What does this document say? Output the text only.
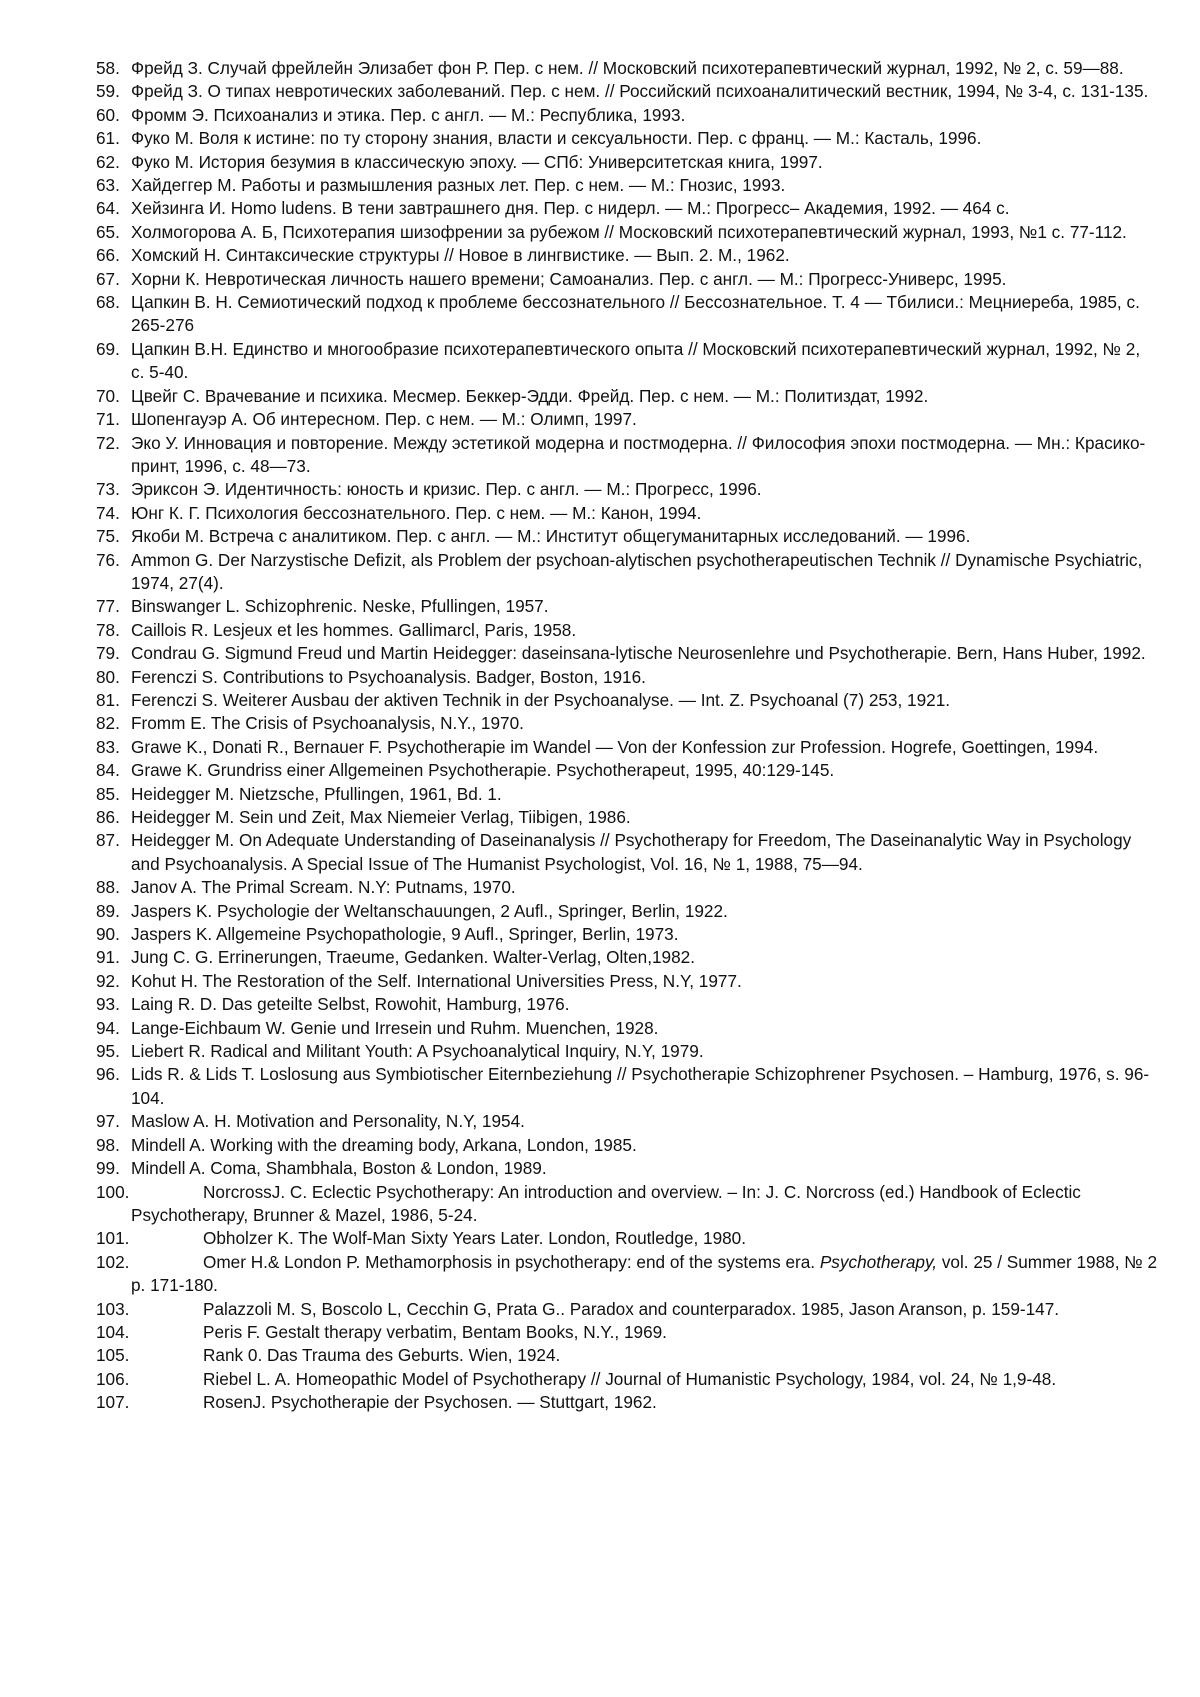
58. Фрейд З. Случай фрейлейн Элизабет фон Р. Пер. с нем. // Московский психотерапевтический журнал, 1992, № 2, с. 59—88.
59. Фрейд З. О типах невротических заболеваний. Пер. с нем. // Российский психоаналитический вестник, 1994, № 3-4, с. 131-135.
60. Фромм Э. Психоанализ и этика. Пер. с англ. — М.: Республика, 1993.
61. Фуко М. Воля к истине: по ту сторону знания, власти и сексуальности. Пер. с франц. — М.: Касталь, 1996.
62. Фуко М. История безумия в классическую эпоху. — СПб: Университетская книга, 1997.
63. Хайдеггер М. Работы и размышления разных лет. Пер. с нем. — М.: Гнозис, 1993.
64. Хейзинга И. Homo ludens. В тени завтрашнего дня. Пер. с нидерл. — М.: Прогресс– Академия, 1992. — 464 с.
65. Холмогорова А. Б, Психотерапия шизофрении за рубежом // Московский психотерапевтический журнал, 1993, №1 с. 77-112.
66. Хомский Н. Синтаксические структуры // Новое в лингвистике. — Вып. 2. М., 1962.
67. Хорни К. Невротическая личность нашего времени; Самоанализ. Пер. с англ. — М.: Прогресс-Универс, 1995.
68. Цапкин В. Н. Семиотический подход к проблеме бессознательного // Бессознательное. Т. 4 — Тбилиси.: Мецниереба, 1985, с. 265-276
69. Цапкин В.Н. Единство и многообразие психотерапевтического опыта // Московский психотерапевтический журнал, 1992, № 2, с. 5-40.
70. Цвейг С. Врачевание и психика. Месмер. Беккер-Эдди. Фрейд. Пер. с нем. — М.: Политиздат, 1992.
71. Шопенгауэр А. Об интересном. Пер. с нем. — М.: Олимп, 1997.
72. Эко У. Инновация и повторение. Между эстетикой модерна и постмодерна. // Философия эпохи постмодерна. — Мн.: Красико-принт, 1996, с. 48—73.
73. Эриксон Э. Идентичность: юность и кризис. Пер. с англ. — М.: Прогресс, 1996.
74. Юнг К. Г. Психология бессознательного. Пер. с нем. — М.: Канон, 1994.
75. Якоби М. Встреча с аналитиком. Пер. с англ. — М.: Институт общегуманитарных исследований. — 1996.
76. Ammon G. Der Narzystische Defizit, als Problem der psychoan-alytischen psychotherapeutischen Technik // Dynamische Psychiatric, 1974, 27(4).
77. Binswanger L. Schizophrenic. Neske, Pfullingen, 1957.
78. Caillois R. Lesjeux et les hommes. Gallimarcl, Paris, 1958.
79. Condrau G. Sigmund Freud und Martin Heidegger: daseinsana-lytische Neurosenlehre und Psychotherapie. Bern, Hans Huber, 1992.
80. Ferenczi S. Contributions to Psychoanalysis. Badger, Boston, 1916.
81. Ferenczi S. Weiterer Ausbau der aktiven Technik in der Psychoanalyse. — Int. Z. Psychoanal (7) 253, 1921.
82. Fromm E. The Crisis of Psychoanalysis, N.Y., 1970.
83. Grawe K., Donati R., Bernauer F. Psychotherapie im Wandel — Von der Konfession zur Profession. Hogrefe, Goettingen, 1994.
84. Grawe K. Grundriss einer Allgemeinen Psychotherapie. Psychotherapeut, 1995, 40:129-145.
85. Heidegger M. Nietzsche, Pfullingen, 1961, Bd. 1.
86. Heidegger M. Sein und Zeit, Max Niemeier Verlag, Tiibigen, 1986.
87. Heidegger M. On Adequate Understanding of Daseinanalysis // Psychotherapy for Freedom, The Daseinanalytic Way in Psychology and Psychoanalysis. A Special Issue of The Humanist Psychologist, Vol. 16, № 1, 1988, 75—94.
88. Janov A. The Primal Scream. N.Y: Putnams, 1970.
89. Jaspers K. Psychologie der Weltanschauungen, 2 Aufl., Springer, Berlin, 1922.
90. Jaspers K. Allgemeine Psychopathologie, 9 Aufl., Springer, Berlin, 1973.
91. Jung C. G. Errinerungen, Traeume, Gedanken. Walter-Verlag, Olten,1982.
92. Kohut H. The Restoration of the Self. International Universities Press, N.Y, 1977.
93. Laing R. D. Das geteilte Selbst, Rowohit, Hamburg, 1976.
94. Lange-Eichbaum W. Genie und Irresein und Ruhm. Muenchen, 1928.
95. Liebert R. Radical and Militant Youth: A Psychoanalytical Inquiry, N.Y, 1979.
96. Lids R. & Lids T. Loslosung aus Symbiotischer Eiternbeziehung // Psychotherapie Schizophrener Psychosen. – Hamburg, 1976, s. 96-104.
97. Maslow A. H. Motivation and Personality, N.Y, 1954.
98. Mindell A. Working with the dreaming body, Arkana, London, 1985.
99. Mindell A. Coma, Shambhala, Boston & London, 1989.
100.	NorcrossJ. C. Eclectic Psychotherapy: An introduction and overview. – In: J. C. Norcross (ed.) Handbook of Eclectic Psychotherapy, Brunner & Mazel, 1986, 5-24.
101.	Obholzer K. The Wolf-Man Sixty Years Later. London, Routledge, 1980.
102.	Omer H.& London P. Methamorphosis in psychotherapy: end of the systems era. Psychotherapy, vol. 25 / Summer 1988, № 2 p. 171-180.
103.	Palazzoli M. S, Boscolo L, Cecchin G, Prata G.. Paradox and counterparadox. 1985, Jason Aranson, p. 159-147.
104.	Peris F. Gestalt therapy verbatim, Bentam Books, N.Y., 1969.
105.	Rank 0. Das Trauma des Geburts. Wien, 1924.
106.	Riebel L. A. Homeopathic Model of Psychotherapy // Journal of Humanistic Psychology, 1984, vol. 24, № 1,9-48.
107.	RosenJ. Psychotherapie der Psychosen. — Stuttgart, 1962.
